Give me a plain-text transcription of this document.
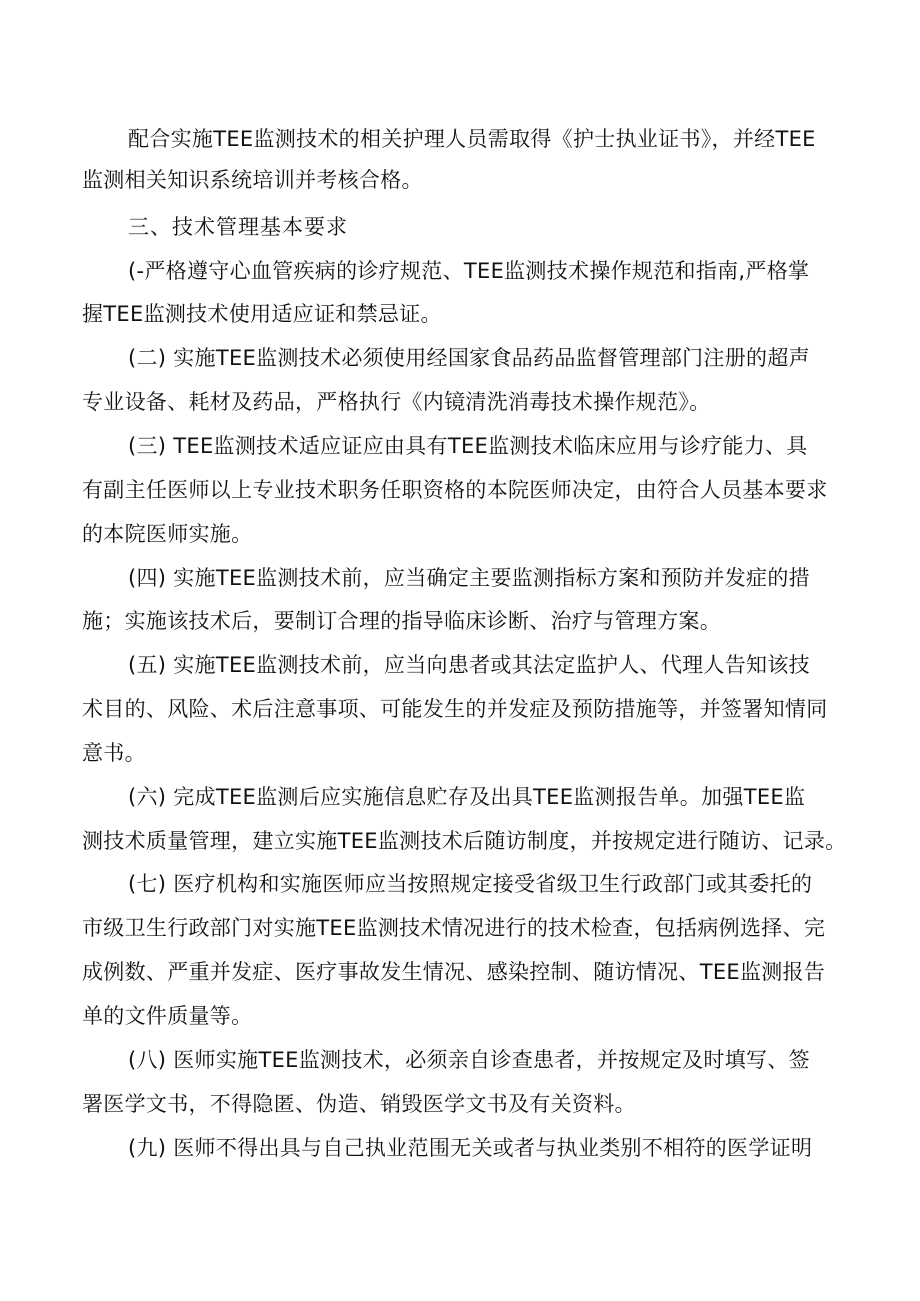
配合实施TEE监测技术的相关护理人员需取得《护士执业证书》，并经TEE
监测相关知识系统培训并考核合格。
三、技术管理基本要求
(-严格遵守心血管疾病的诊疗规范、TEE监测技术操作规范和指南,严格掌
握TEE监测技术使用适应证和禁忌证。
(二) 实施TEE监测技术必须使用经国家食品药品监督管理部门注册的超声
专业设备、耗材及药品，严格执行《内镜清洗消毒技术操作规范》。
(三) TEE监测技术适应证应由具有TEE监测技术临床应用与诊疗能力、具
有副主任医师以上专业技术职务任职资格的本院医师决定，由符合人员基本要求
的本院医师实施。
(四) 实施TEE监测技术前，应当确定主要监测指标方案和预防并发症的措
施；实施该技术后，要制订合理的指导临床诊断、治疗与管理方案。
(五) 实施TEE监测技术前，应当向患者或其法定监护人、代理人告知该技
术目的、风险、术后注意事项、可能发生的并发症及预防措施等，并签署知情同
意书。
(六) 完成TEE监测后应实施信息贮存及出具TEE监测报告单。加强TEE监
测技术质量管理，建立实施TEE监测技术后随访制度，并按规定进行随访、记录。
(七) 医疗机构和实施医师应当按照规定接受省级卫生行政部门或其委托的
市级卫生行政部门对实施TEE监测技术情况进行的技术检查，包括病例选择、完
成例数、严重并发症、医疗事故发生情况、感染控制、随访情况、TEE监测报告
单的文件质量等。
(八) 医师实施TEE监测技术，必须亲自诊查患者，并按规定及时填写、签
署医学文书，不得隐匿、伪造、销毁医学文书及有关资料。
(九) 医师不得出具与自己执业范围无关或者与执业类别不相符的医学证明
